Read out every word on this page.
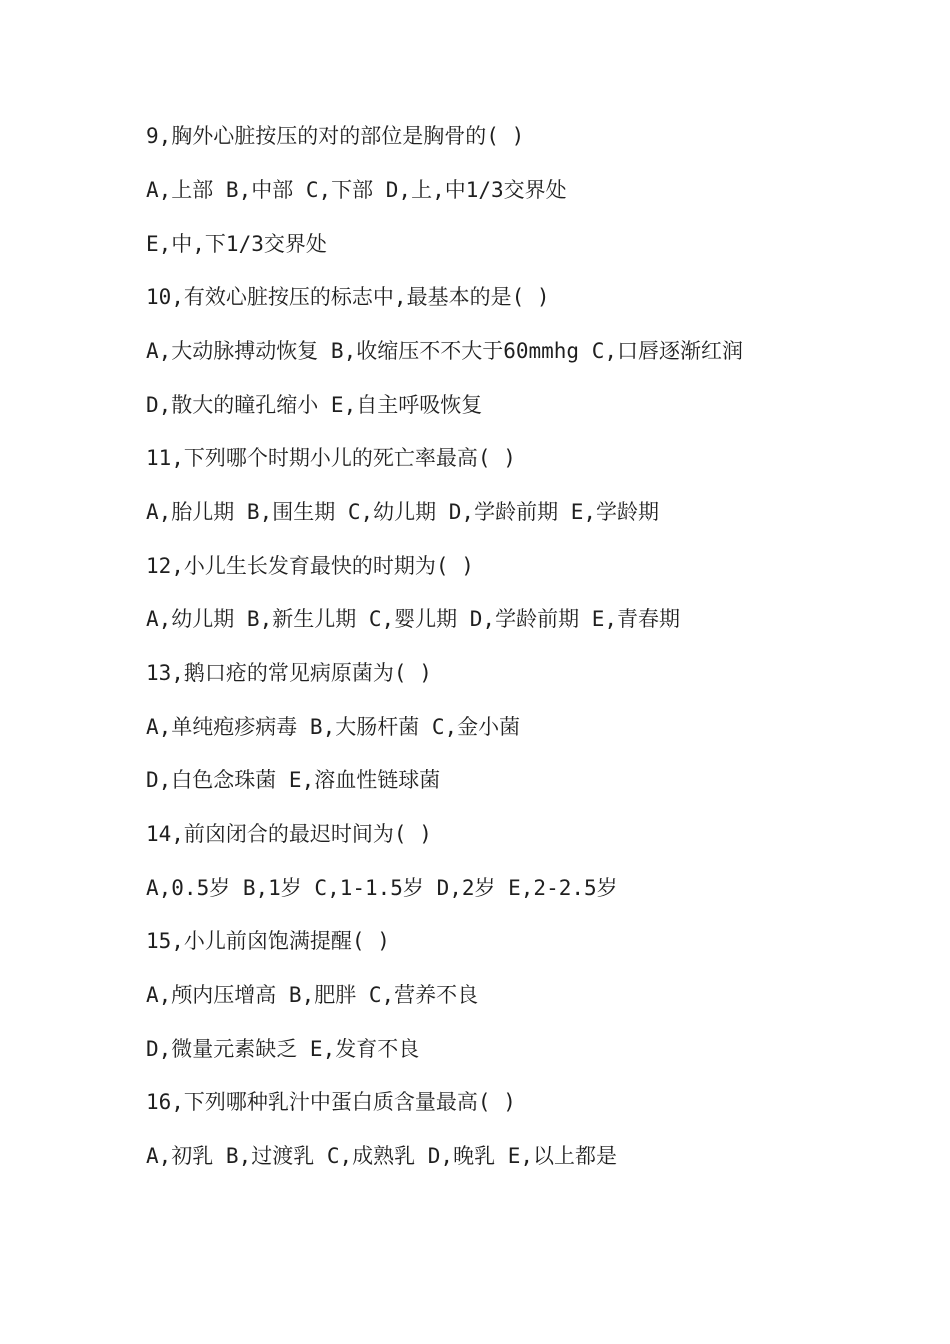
9,胸外心脏按压的对的部位是胸骨的( )
A,上部 B,中部 C,下部 D,上,中1/3交界处
E,中,下1/3交界处
10,有效心脏按压的标志中,最基本的是( )
A,大动脉搏动恢复 B,收缩压不不大于60mmhg C,口唇逐渐红润
D,散大的瞳孔缩小 E,自主呼吸恢复
11,下列哪个时期小儿的死亡率最高( )
A,胎儿期 B,围生期 C,幼儿期 D,学龄前期 E,学龄期
12,小儿生长发育最快的时期为( )
A,幼儿期 B,新生儿期 C,婴儿期 D,学龄前期 E,青春期
13,鹅口疮的常见病原菌为( )
A,单纯疱疹病毒 B,大肠杆菌 C,金小菌
D,白色念珠菌 E,溶血性链球菌
14,前囟闭合的最迟时间为( )
A,0.5岁 B,1岁 C,1-1.5岁 D,2岁 E,2-2.5岁
15,小儿前囟饱满提醒( )
A,颅内压增高 B,肥胖 C,营养不良
D,微量元素缺乏 E,发育不良
16,下列哪种乳汁中蛋白质含量最高( )
A,初乳 B,过渡乳 C,成熟乳 D,晚乳 E,以上都是
